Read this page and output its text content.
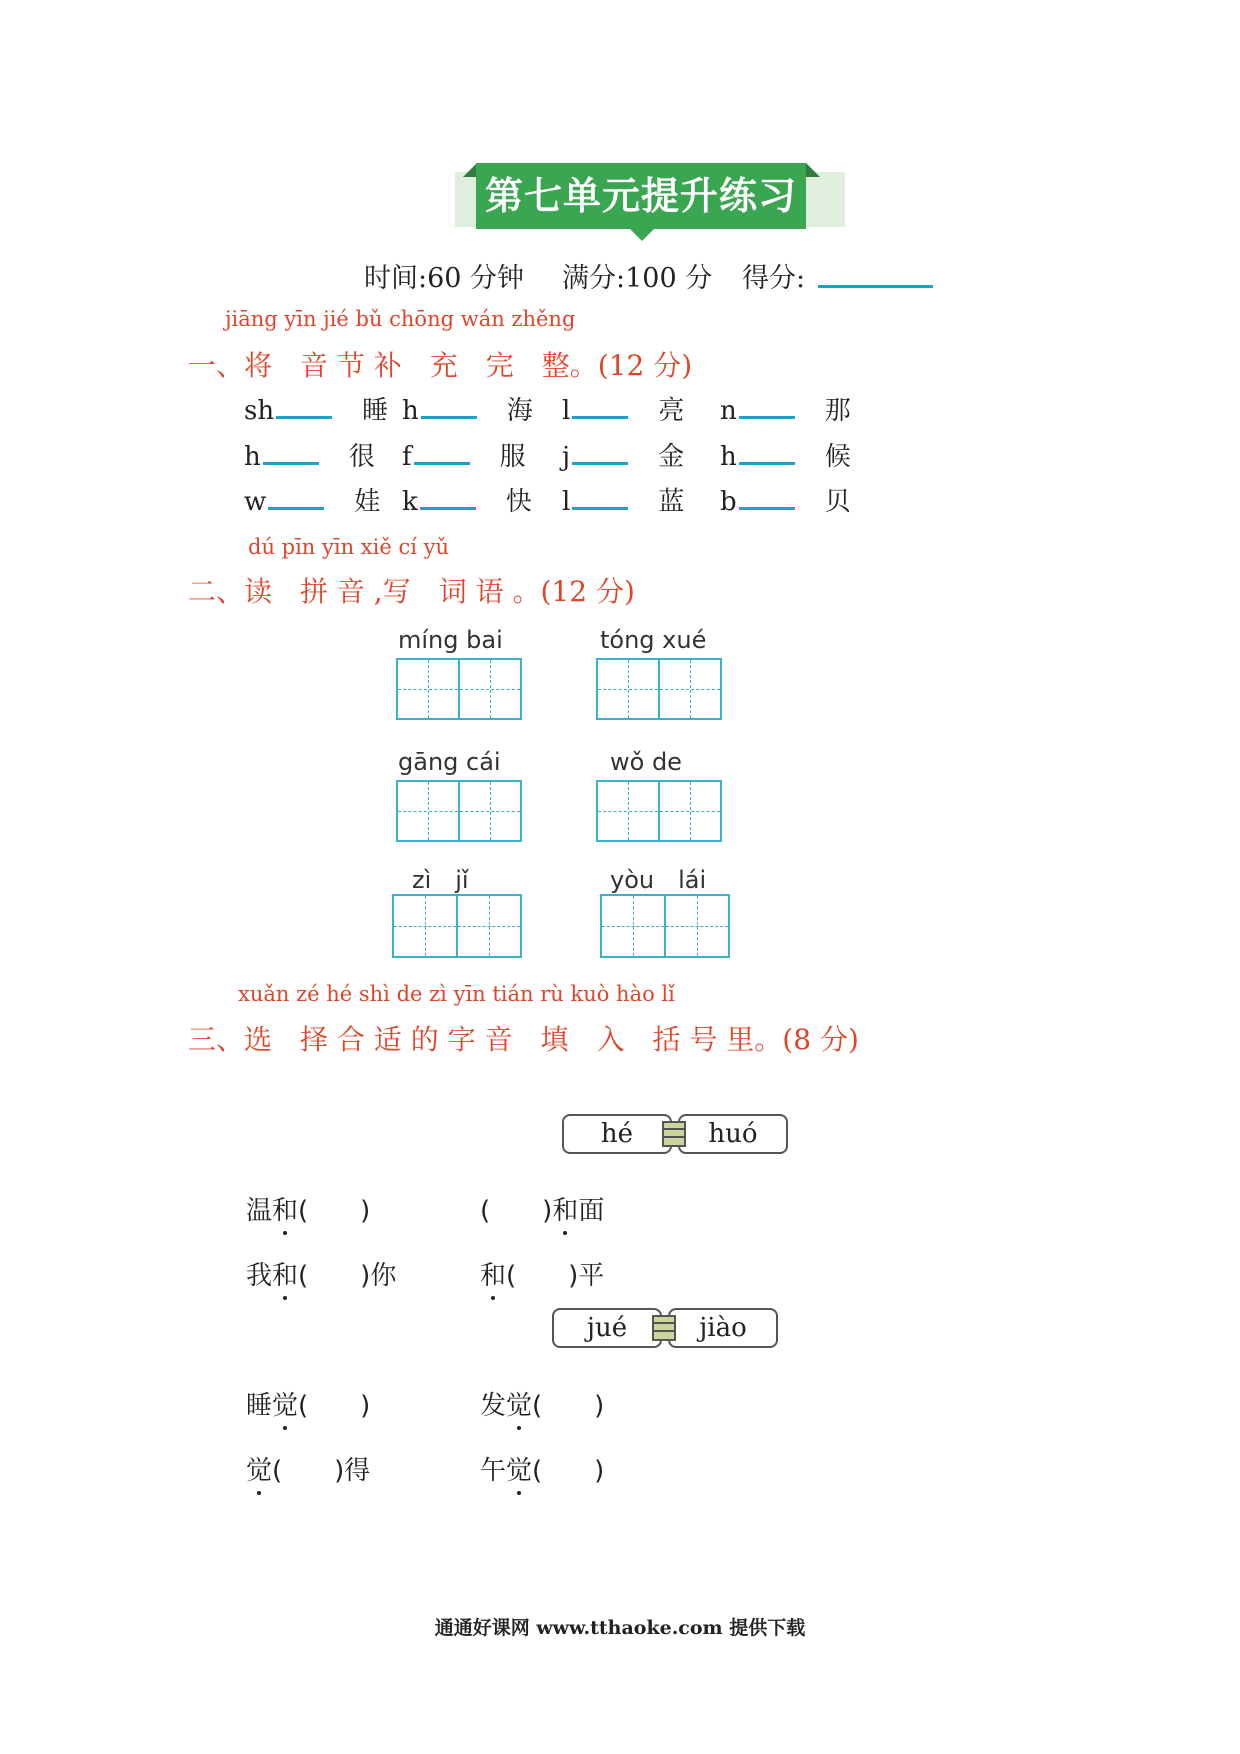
第七单元提升练习
时间:60 分钟 满分:100 分 得分:
jiāng yīn jié bǔ chōng wán zhěng
一、将　音 节 补　充　完　整。(12 分)
sh	睡 h	海 l	亮 n	那
h	很 f	服 j	金 h	候
w	娃 k	快 l	蓝 b	贝
dú pīn yīn xiě cí yǔ
二、读　拼 音 ,写　词 语 。(12 分)
míng bai	tóng xué
gāng cái	wǒ de
zì　jǐ	yòu　lái
xuǎn zé hé shì de zì yīn tián rù kuò hào lǐ
三、选　择 合 适 的 字 音　填　入　括 号 里。(8 分)
hé	huó
温和(　　)	(　　)和面
我和(　　)你	和(　　)平
jué	jiào
睡觉(　　)	发觉(　　)
觉(　　)得	午觉(　　)
通通好课网 www.tthaoke.com 提供下载
